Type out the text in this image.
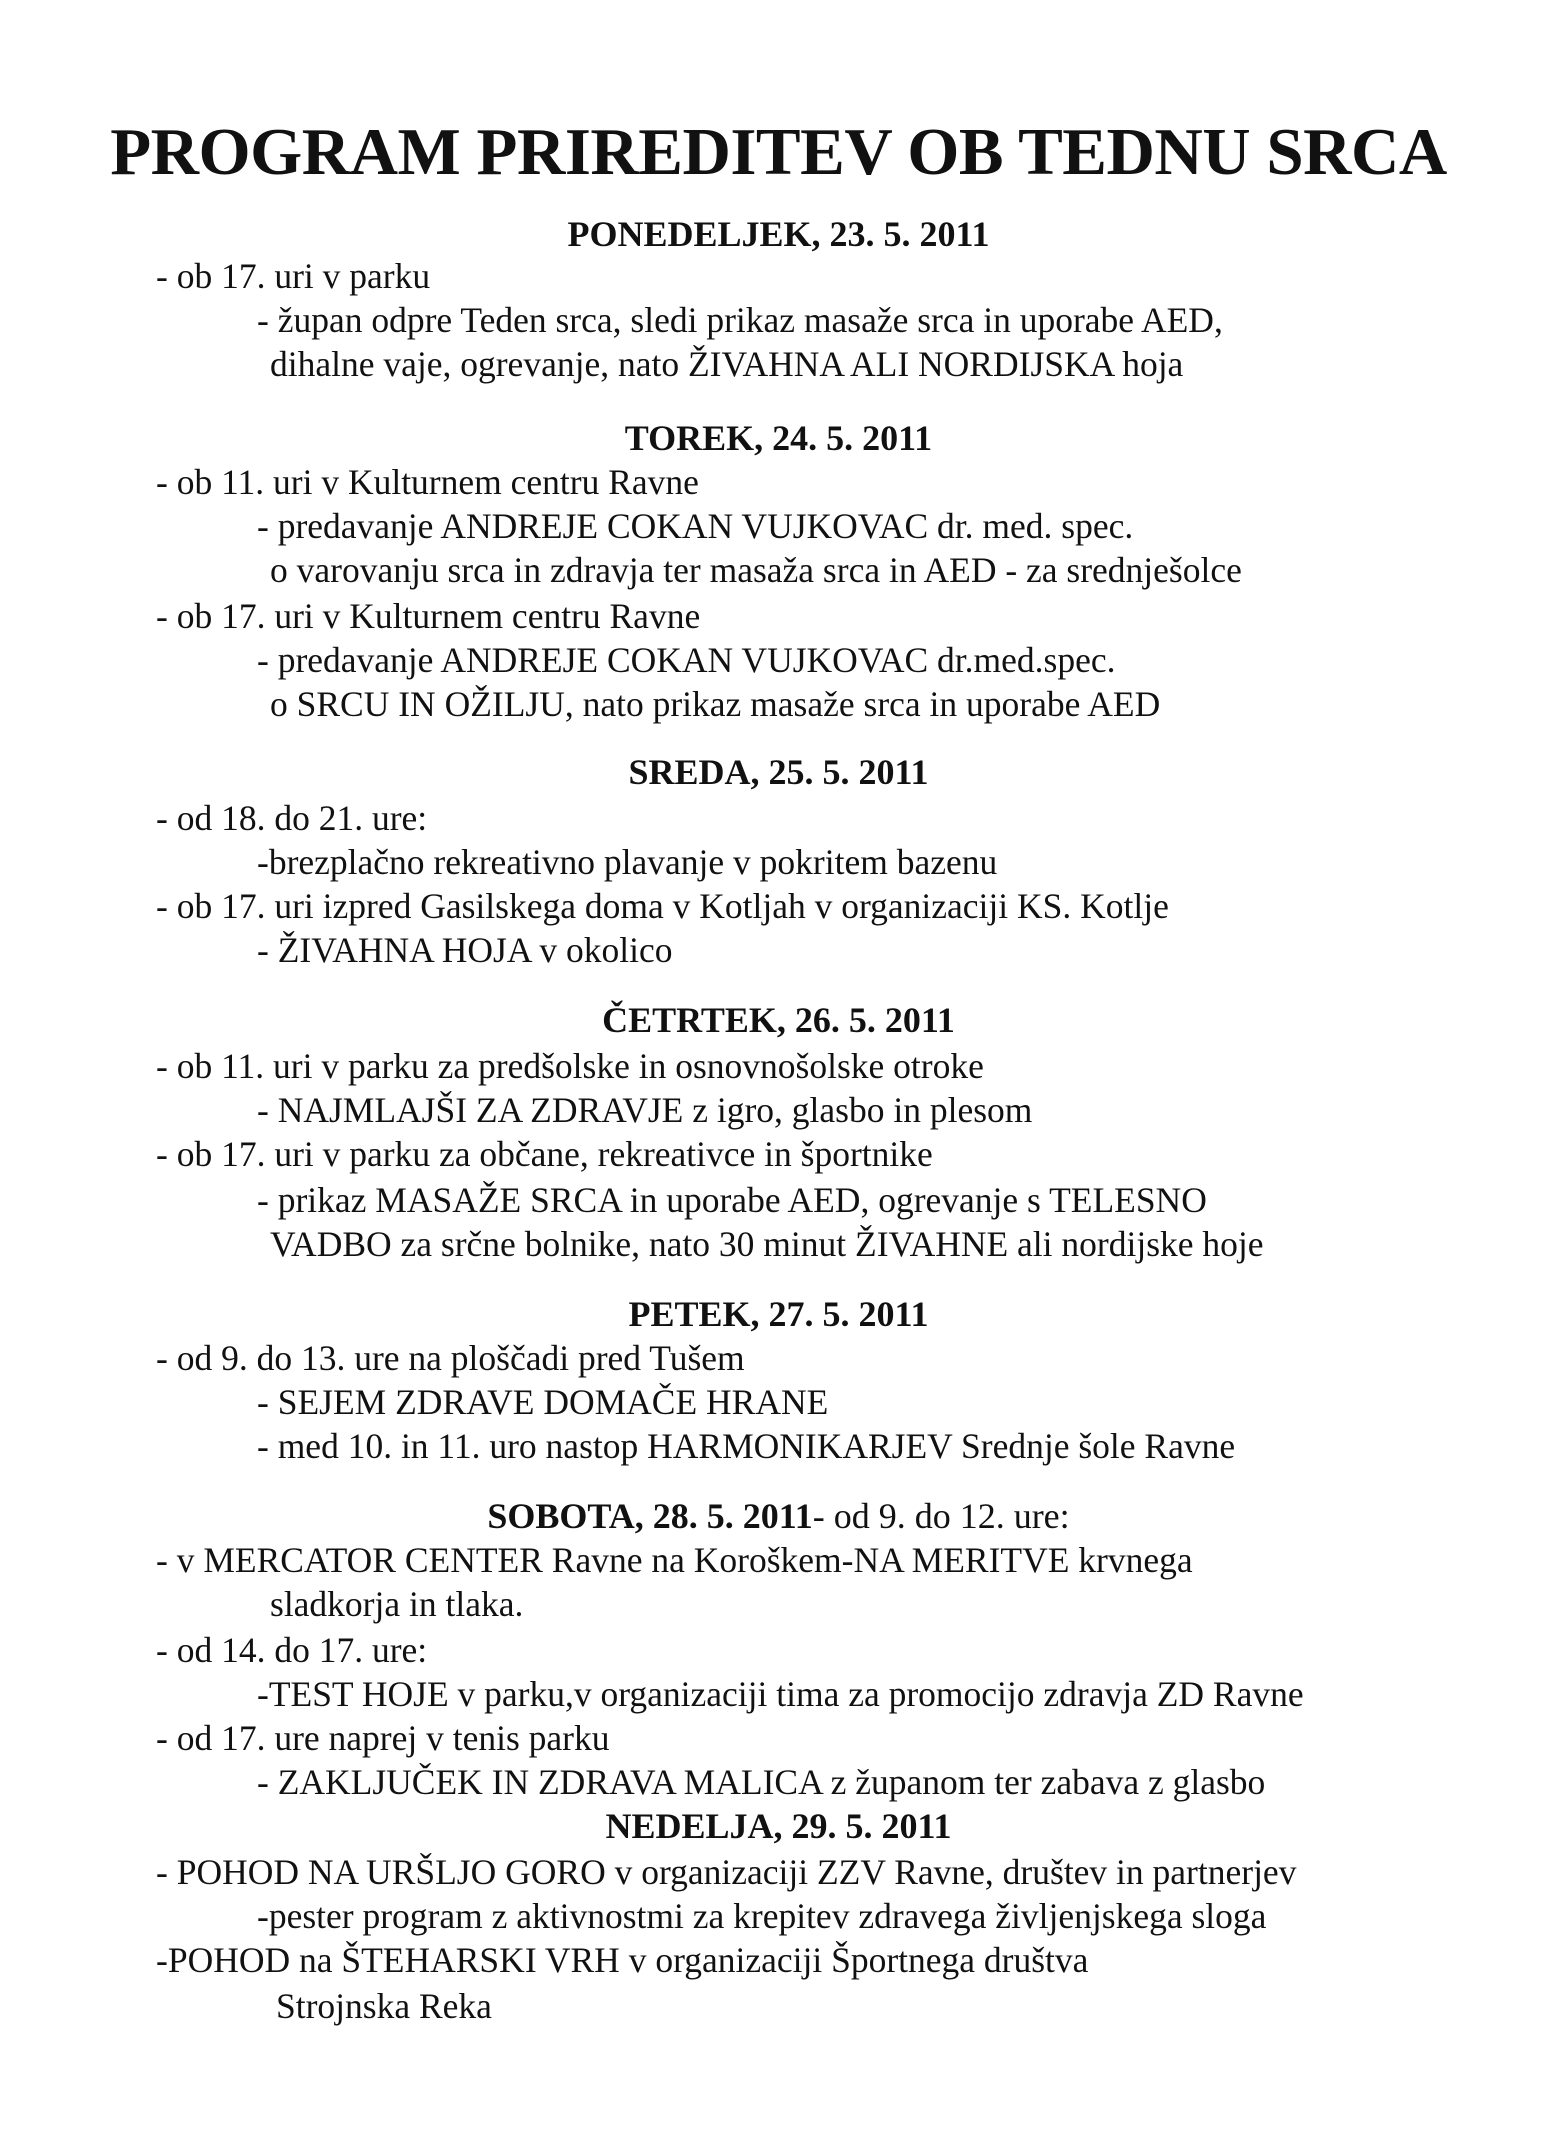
PROGRAM PRIREDITEV OB TEDNU SRCA
PONEDELJEK, 23. 5. 2011
- ob 17. uri v parku
- župan odpre Teden srca, sledi prikaz masaže srca in uporabe AED,
dihalne vaje, ogrevanje, nato ŽIVAHNA ALI NORDIJSKA hoja
TOREK, 24. 5. 2011
- ob 11. uri v Kulturnem centru Ravne
- predavanje ANDREJE COKAN VUJKOVAC dr. med. spec.
o varovanju srca in zdravja ter masaža srca in AED - za srednješolce
- ob 17. uri v Kulturnem centru Ravne
- predavanje ANDREJE COKAN VUJKOVAC dr.med.spec.
o SRCU IN OŽILJU, nato prikaz masaže srca in uporabe AED
SREDA, 25. 5. 2011
- od 18. do 21. ure:
-brezplačno rekreativno plavanje v pokritem bazenu
- ob 17. uri izpred Gasilskega doma v Kotljah v organizaciji KS. Kotlje
- ŽIVAHNA HOJA v okolico
ČETRTEK, 26. 5. 2011
- ob 11. uri v parku za predšolske in osnovnošolske otroke
- NAJMLAJŠI ZA ZDRAVJE z igro, glasbo in plesom
- ob 17. uri v parku za občane, rekreativce in športnike
- prikaz MASAŽE SRCA in uporabe AED, ogrevanje s TELESNO
VADBO za srčne bolnike, nato 30 minut ŽIVAHNE ali nordijske hoje
PETEK, 27. 5. 2011
- od 9. do 13. ure na ploščadi pred Tušem
- SEJEM ZDRAVE DOMAČE HRANE
- med 10. in 11. uro nastop HARMONIKARJEV Srednje šole Ravne
SOBOTA, 28. 5. 2011- od 9. do 12. ure:
- v MERCATOR CENTER Ravne na Koroškem-NA MERITVE krvnega
sladkorja in tlaka.
- od 14. do 17. ure:
-TEST HOJE v parku,v organizaciji tima za promocijo zdravja ZD Ravne
- od 17. ure naprej v tenis parku
- ZAKLJUČEK IN ZDRAVA MALICA z županom ter zabava z glasbo
NEDELJA, 29. 5. 2011
- POHOD NA URŠLJO GORO v organizaciji ZZV Ravne, društev in partnerjev
-pester program z aktivnostmi za krepitev zdravega življenjskega sloga
-POHOD na ŠTEHARSKI VRH v organizaciji Športnega društva
Strojnska Reka
